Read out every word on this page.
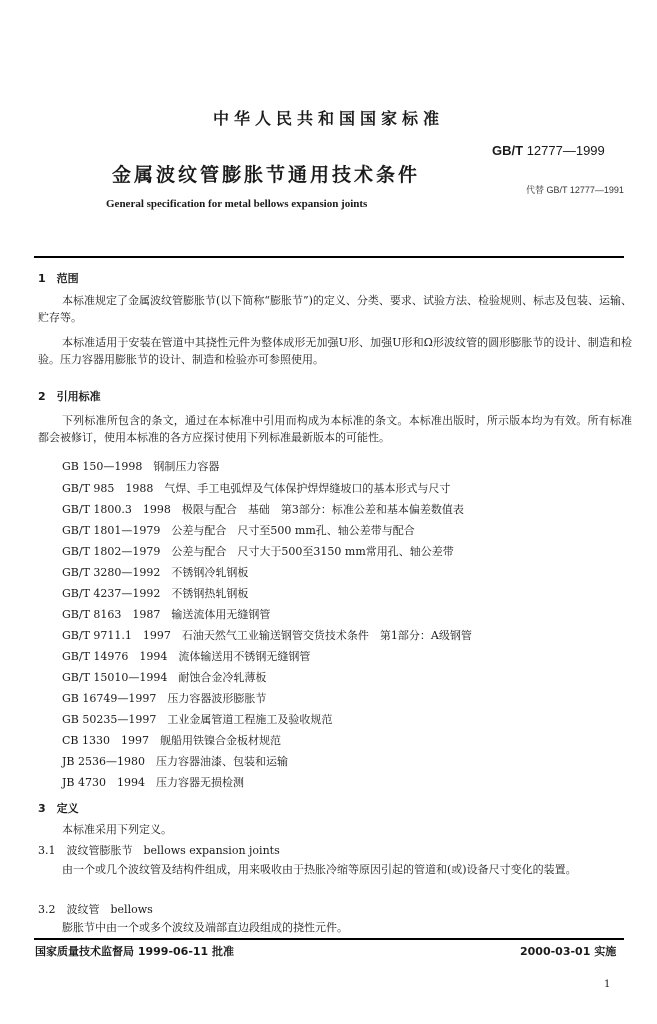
中华人民共和国国家标准
GB/T 12777—1999
金属波纹管膨胀节通用技术条件
代替 GB/T 12777—1991
General specification for metal bellows expansion joints
1　范围
本标准规定了金属波纹管膨胀节(以下简称“膨胀节”)的定义、分类、要求、试验方法、检验规则、标志及包装、运输、贮存等。
本标准适用于安装在管道中其挠性元件为整体成形无加强U形、加强U形和Ω形波纹管的圆形膨胀节的设计、制造和检验。压力容器用膨胀节的设计、制造和检验亦可参照使用。
2　引用标准
下列标准所包含的条文，通过在本标准中引用而构成为本标准的条文。本标准出版时，所示版本均为有效。所有标准都会被修订，使用本标准的各方应探讨使用下列标准最新版本的可能性。
GB 150—1998　钢制压力容器
GB/T 985　1988　气焊、手工电弧焊及气体保护焊焊缝坡口的基本形式与尺寸
GB/T 1800.3　1998　极限与配合　基础　第3部分：标准公差和基本偏差数值表
GB/T 1801—1979　公差与配合　尺寸至500 mm孔、轴公差带与配合
GB/T 1802—1979　公差与配合　尺寸大于500至3150 mm常用孔、轴公差带
GB/T 3280—1992　不锈钢冷轧钢板
GB/T 4237—1992　不锈钢热轧钢板
GB/T 8163　1987　输送流体用无缝钢管
GB/T 9711.1　1997　石油天然气工业输送钢管交货技术条件　第1部分：A级钢管
GB/T 14976　1994　流体输送用不锈钢无缝钢管
GB/T 15010—1994　耐蚀合金冷轧薄板
GB 16749—1997　压力容器波形膨胀节
GB 50235—1997　工业金属管道工程施工及验收规范
CB 1330　1997　舰船用铁镍合金板材规范
JB 2536—1980　压力容器油漆、包装和运输
JB 4730　1994　压力容器无损检测
3　定义
本标准采用下列定义。
3.1　波纹管膨胀节　bellows expansion joints
由一个或几个波纹管及结构件组成，用来吸收由于热胀冷缩等原因引起的管道和(或)设备尺寸变化的装置。
3.2　波纹管　bellows
膨胀节中由一个或多个波纹及端部直边段组成的挠性元件。
国家质量技术监督局 1999-06-11 批准	2000-03-01 实施
1
